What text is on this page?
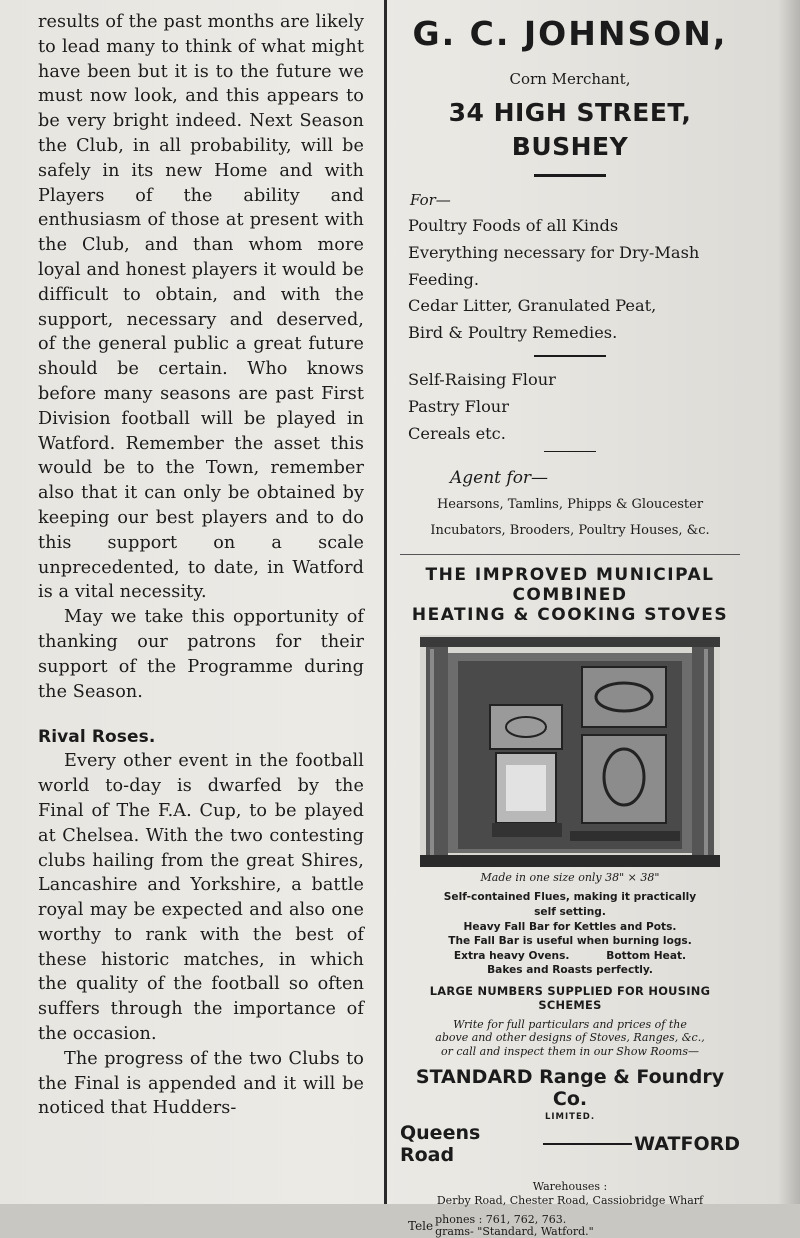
results of the past months are likely to lead many to think of what might have been but it is to the future we must now look, and this appears to be very bright indeed. Next Season the Club, in all probability, will be safely in its new Home and with Players of the ability and enthusiasm of those at present with the Club, and than whom more loyal and honest players it would be difficult to obtain, and with the support, necessary and deserved, of the general public a great future should be certain. Who knows before many seasons are past First Division football will be played in Watford. Remember the asset this would be to the Town, remember also that it can only be obtained by keeping our best players and to do this support on a scale unprecedented, to date, in Watford is a vital necessity.

May we take this opportunity of thanking our patrons for their support of the Programme during the Season.

Rival Roses.

Every other event in the football world to-day is dwarfed by the Final of The F.A. Cup, to be played at Chelsea. With the two contesting clubs hailing from the great Shires, Lancashire and Yorkshire, a battle royal may be expected and also one worthy to rank with the best of these historic matches, in which the quality of the football so often suffers through the importance of the occasion.

The progress of the two Clubs to the Final is appended and it will be noticed that Hudders-

G. C. JOHNSON,
Corn Merchant,
34 HIGH STREET,
BUSHEY
For—
Poultry Foods of all Kinds
Everything necessary for Dry-Mash
Feeding.
Cedar Litter, Granulated Peat,
Bird & Poultry Remedies.
Self-Raising Flour
Pastry Flour
Cereals etc.
Agent for—
Hearsons, Tamlins, Phipps & Gloucester
Incubators, Brooders, Poultry Houses, &c.
THE IMPROVED MUNICIPAL
COMBINED
HEATING & COOKING STOVES
Made in one size only 38" × 38"
Self-contained Flues, making it practically
self setting.
Heavy Fall Bar for Kettles and Pots.
The Fall Bar is useful when burning logs.
Extra heavy Ovens.          Bottom Heat.
Bakes and Roasts perfectly.
LARGE NUMBERS SUPPLIED FOR HOUSING SCHEMES
Write for full particulars and prices of the
above and other designs of Stoves, Ranges, &c.,
or call and inspect them in our Show Rooms—
STANDARD Range & Foundry Co.
LIMITED.
Queens Road	WATFORD
Warehouses :
Derby Road, Chester Road, Cassiobridge Wharf
Tele phones : 761, 762, 763.
grams- "Standard, Watford."
